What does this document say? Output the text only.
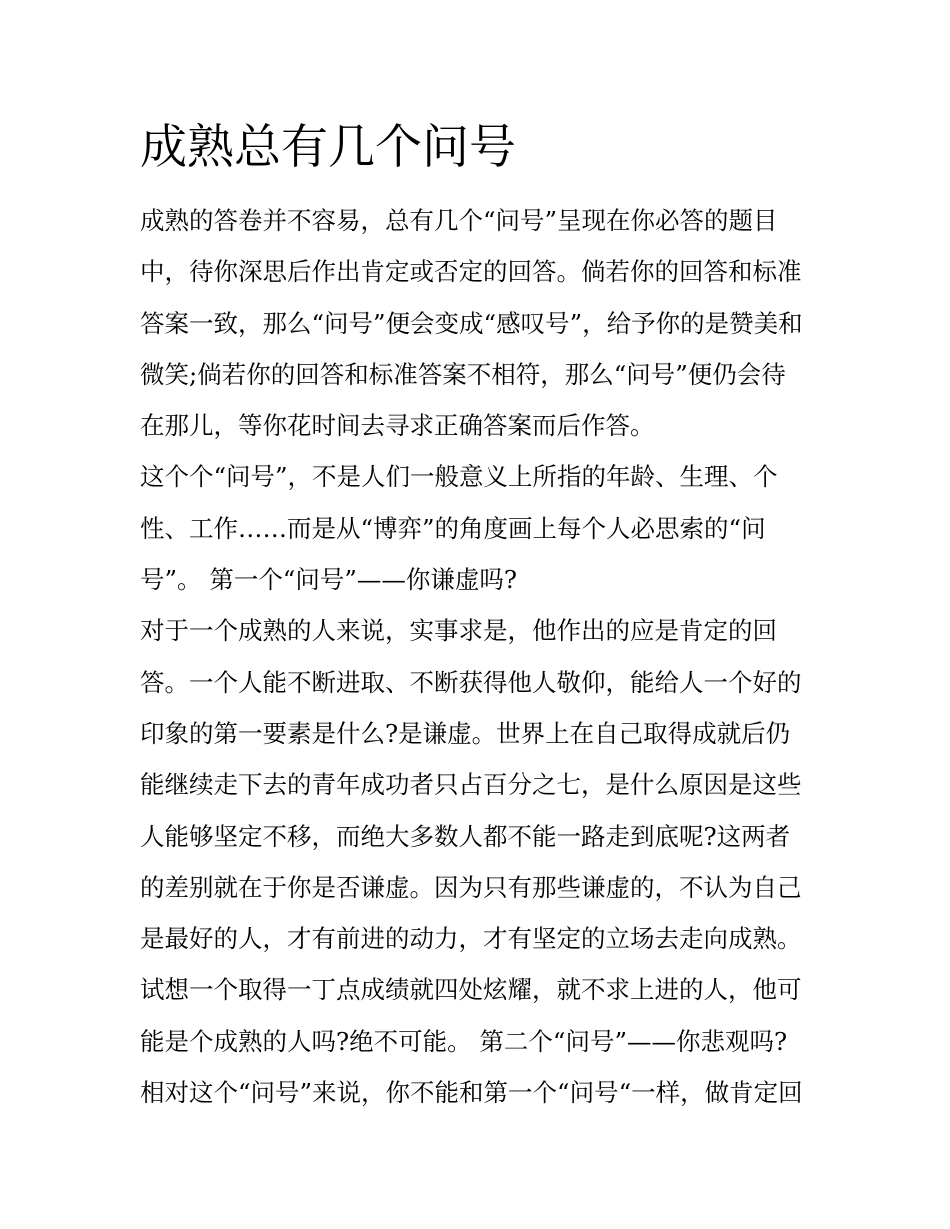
成熟总有几个问号
成熟的答卷并不容易，总有几个“问号”呈现在你必答的题目
中，待你深思后作出肯定或否定的回答。倘若你的回答和标准
答案一致，那么“问号”便会变成“感叹号”，给予你的是赞美和
微笑;倘若你的回答和标准答案不相符，那么“问号”便仍会待
在那儿，等你花时间去寻求正确答案而后作答。
这个个“问号”，不是人们一般意义上所指的年龄、生理、个
性、工作……而是从“博弈”的角度画上每个人必思索的“问
号”。 第一个“问号”——你谦虚吗?
对于一个成熟的人来说，实事求是，他作出的应是肯定的回
答。一个人能不断进取、不断获得他人敬仰，能给人一个好的
印象的第一要素是什么?是谦虚。世界上在自己取得成就后仍
能继续走下去的青年成功者只占百分之七，是什么原因是这些
人能够坚定不移，而绝大多数人都不能一路走到底呢?这两者
的差别就在于你是否谦虚。因为只有那些谦虚的，不认为自己
是最好的人，才有前进的动力，才有坚定的立场去走向成熟。
试想一个取得一丁点成绩就四处炫耀，就不求上进的人，他可
能是个成熟的人吗?绝不可能。 第二个“问号”——你悲观吗?
相对这个“问号”来说，你不能和第一个“问号“一样，做肯定回
